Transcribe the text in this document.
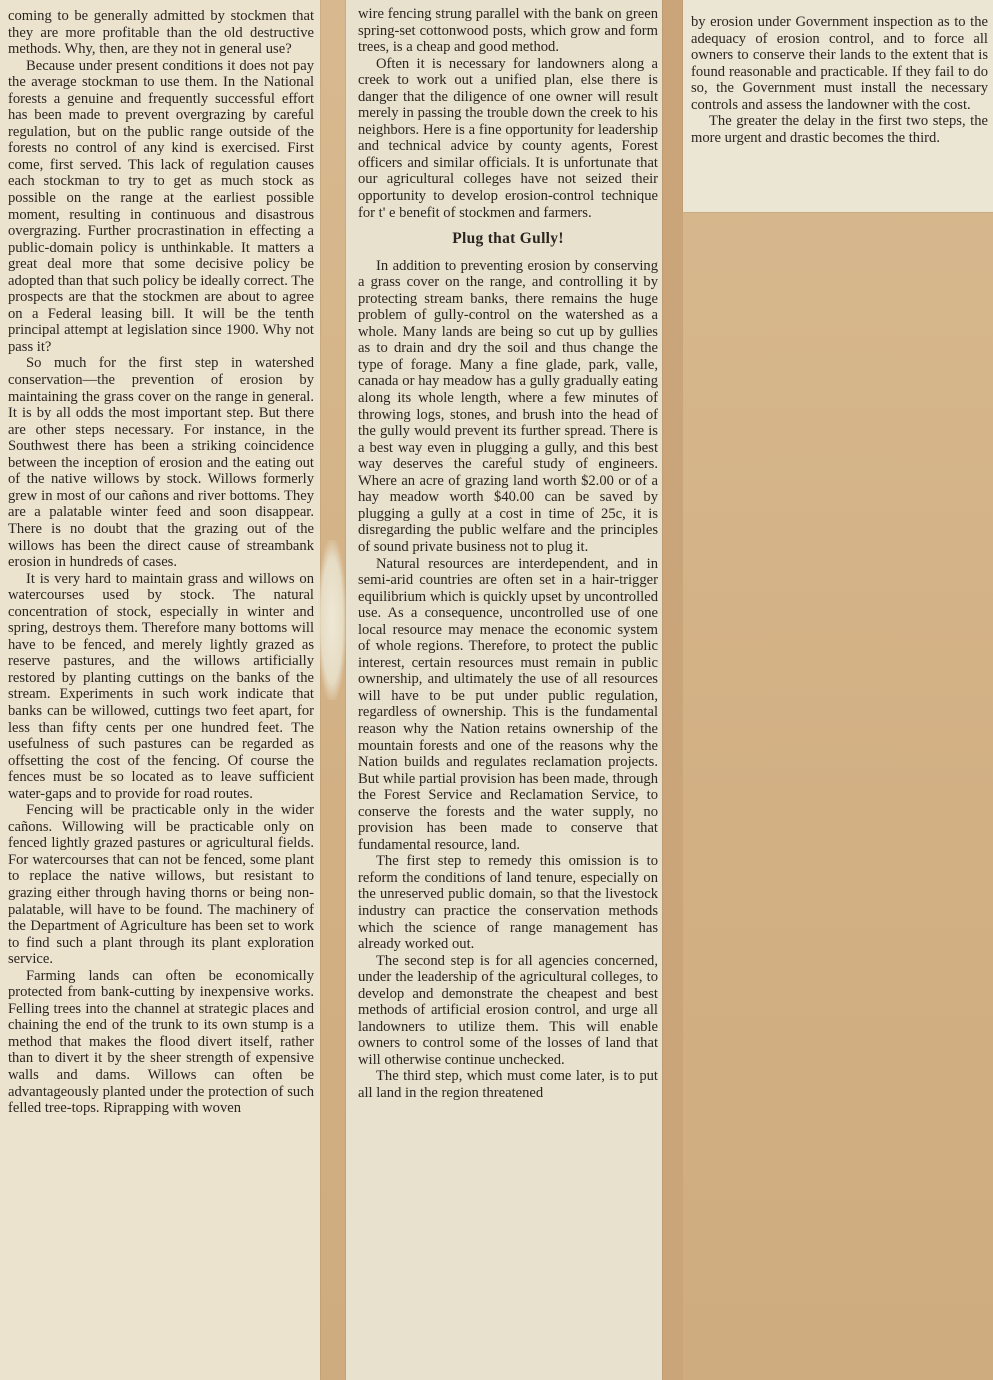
coming to be generally admitted by stockmen that they are more profitable than the old destructive methods. Why, then, are they not in general use?

Because under present conditions it does not pay the average stockman to use them. In the National forests a genuine and frequently successful effort has been made to prevent overgrazing by careful regulation, but on the public range outside of the forests no control of any kind is exercised. First come, first served. This lack of regulation causes each stockman to try to get as much stock as possible on the range at the earliest possible moment, resulting in continuous and disastrous overgrazing. Further procrastination in effecting a public-domain policy is unthinkable. It matters a great deal more that some decisive policy be adopted than that such policy be ideally correct. The prospects are that the stockmen are about to agree on a Federal leasing bill. It will be the tenth principal attempt at legislation since 1900. Why not pass it?

So much for the first step in watershed conservation—the prevention of erosion by maintaining the grass cover on the range in general. It is by all odds the most important step. But there are other steps necessary. For instance, in the Southwest there has been a striking coincidence between the inception of erosion and the eating out of the native willows by stock. Willows formerly grew in most of our cañons and river bottoms. They are a palatable winter feed and soon disappear. There is no doubt that the grazing out of the willows has been the direct cause of streambank erosion in hundreds of cases.

It is very hard to maintain grass and willows on watercourses used by stock. The natural concentration of stock, especially in winter and spring, destroys them. Therefore many bottoms will have to be fenced, and merely lightly grazed as reserve pastures, and the willows artificially restored by planting cuttings on the banks of the stream. Experiments in such work indicate that banks can be willowed, cuttings two feet apart, for less than fifty cents per one hundred feet. The usefulness of such pastures can be regarded as offsetting the cost of the fencing. Of course the fences must be so located as to leave sufficient water-gaps and to provide for road routes.

Fencing will be practicable only in the wider cañons. Willowing will be practicable only on fenced lightly grazed pastures or agricultural fields. For watercourses that can not be fenced, some plant to replace the native willows, but resistant to grazing either through having thorns or being non-palatable, will have to be found. The machinery of the Department of Agriculture has been set to work to find such a plant through its plant exploration service.

Farming lands can often be economically protected from bank-cutting by inexpensive works. Felling trees into the channel at strategic places and chaining the end of the trunk to its own stump is a method that makes the flood divert itself, rather than to divert it by the sheer strength of expensive walls and dams. Willows can often be advantageously planted under the protection of such felled tree-tops. Riprapping with woven

wire fencing strung parallel with the bank on green spring-set cottonwood posts, which grow and form trees, is a cheap and good method.

Often it is necessary for landowners along a creek to work out a unified plan, else there is danger that the diligence of one owner will result merely in passing the trouble down the creek to his neighbors. Here is a fine opportunity for leadership and technical advice by county agents, Forest officers and similar officials. It is unfortunate that our agricultural colleges have not seized their opportunity to develop erosion-control technique for t' e benefit of stockmen and farmers.

Plug that Gully!

In addition to preventing erosion by conserving a grass cover on the range, and controlling it by protecting stream banks, there remains the huge problem of gully-control on the watershed as a whole. Many lands are being so cut up by gullies as to drain and dry the soil and thus change the type of forage. Many a fine glade, park, valle, canada or hay meadow has a gully gradually eating along its whole length, where a few minutes of throwing logs, stones, and brush into the head of the gully would prevent its further spread. There is a best way even in plugging a gully, and this best way deserves the careful study of engineers. Where an acre of grazing land worth $2.00 or of a hay meadow worth $40.00 can be saved by plugging a gully at a cost in time of 25c, it is disregarding the public welfare and the principles of sound private business not to plug it.

Natural resources are interdependent, and in semi-arid countries are often set in a hair-trigger equilibrium which is quickly upset by uncontrolled use. As a consequence, uncontrolled use of one local resource may menace the economic system of whole regions. Therefore, to protect the public interest, certain resources must remain in public ownership, and ultimately the use of all resources will have to be put under public regulation, regardless of ownership. This is the fundamental reason why the Nation retains ownership of the mountain forests and one of the reasons why the Nation builds and regulates reclamation projects. But while partial provision has been made, through the Forest Service and Reclamation Service, to conserve the forests and the water supply, no provision has been made to conserve that fundamental resource, land.

The first step to remedy this omission is to reform the conditions of land tenure, especially on the unreserved public domain, so that the livestock industry can practice the conservation methods which the science of range management has already worked out.

The second step is for all agencies concerned, under the leadership of the agricultural colleges, to develop and demonstrate the cheapest and best methods of artificial erosion control, and urge all landowners to utilize them. This will enable owners to control some of the losses of land that will otherwise continue unchecked.

The third step, which must come later, is to put all land in the region threatened

by erosion under Government inspection as to the adequacy of erosion control, and to force all owners to conserve their lands to the extent that is found reasonable and practicable. If they fail to do so, the Government must install the necessary controls and assess the landowner with the cost.

The greater the delay in the first two steps, the more urgent and drastic becomes the third.
